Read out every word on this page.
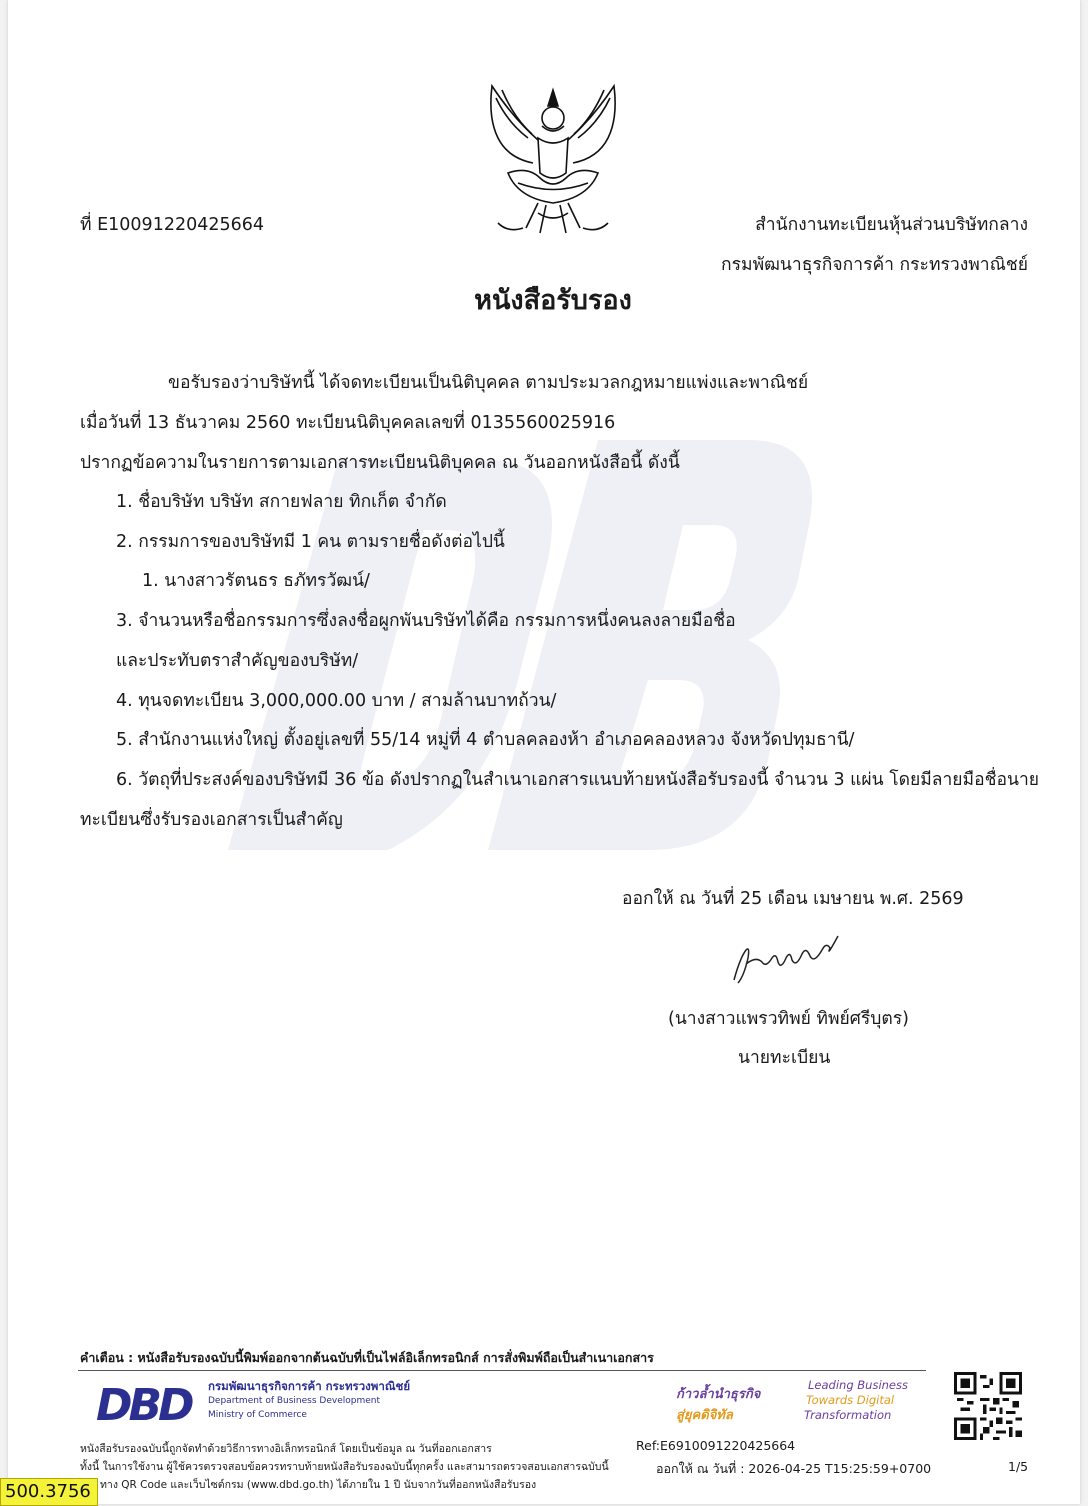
ที่ E10091220425664	สำนักงานทะเบียนหุ้นส่วนบริษัทกลาง
กรมพัฒนาธุรกิจการค้า กระทรวงพาณิชย์
หนังสือรับรอง
ขอรับรองว่าบริษัทนี้ ได้จดทะเบียนเป็นนิติบุคคล ตามประมวลกฎหมายแพ่งและพาณิชย์
เมื่อวันที่ 13 ธันวาคม 2560 ทะเบียนนิติบุคคลเลขที่ 0135560025916
ปรากฏข้อความในรายการตามเอกสารทะเบียนนิติบุคคล ณ วันออกหนังสือนี้ ดังนี้
1. ชื่อบริษัท บริษัท สกายฟลาย ทิกเก็ต จำกัด
2. กรรมการของบริษัทมี 1 คน ตามรายชื่อดังต่อไปนี้
1. นางสาวรัตนธร ธภัทรวัฒน์/
3. จำนวนหรือชื่อกรรมการซึ่งลงชื่อผูกพันบริษัทได้คือ กรรมการหนึ่งคนลงลายมือชื่อ
และประทับตราสำคัญของบริษัท/
4. ทุนจดทะเบียน 3,000,000.00 บาท / สามล้านบาทถ้วน/
5. สำนักงานแห่งใหญ่ ตั้งอยู่เลขที่ 55/14 หมู่ที่ 4 ตำบลคลองห้า อำเภอคลองหลวง จังหวัดปทุมธานี/
6. วัตถุที่ประสงค์ของบริษัทมี 36 ข้อ ดังปรากฏในสำเนาเอกสารแนบท้ายหนังสือรับรองนี้ จำนวน 3 แผ่น โดยมีลายมือชื่อนาย
ทะเบียนซึ่งรับรองเอกสารเป็นสำคัญ
ออกให้ ณ วันที่ 25 เดือน เมษายน พ.ศ. 2569
(นางสาวแพรวทิพย์ ทิพย์ศรีบุตร)
นายทะเบียน
คำเตือน : หนังสือรับรองฉบับนี้พิมพ์ออกจากต้นฉบับที่เป็นไฟล์อิเล็กทรอนิกส์ การสั่งพิมพ์ถือเป็นสำเนาเอกสาร
DBD กรมพัฒนาธุรกิจการค้า กระทรวงพาณิชย์
Department of Business Development
Ministry of Commerce
ก้าวล้ำนำธุรกิจ
สู่ยุคดิจิทัล
Leading Business
Towards Digital
Transformation
หนังสือรับรองฉบับนี้ถูกจัดทำด้วยวิธีการทางอิเล็กทรอนิกส์ โดยเป็นข้อมูล ณ วันที่ออกเอกสาร
ทั้งนี้ ในการใช้งาน ผู้ใช้ควรตรวจสอบข้อควรทราบท้ายหนังสือรับรองฉบับนี้ทุกครั้ง และสามารถตรวจสอบเอกสารฉบับนี้
ทาง QR Code และเว็บไซต์กรม (www.dbd.go.th) ได้ภายใน 1 ปี นับจากวันที่ออกหนังสือรับรอง
Ref:E6910091220425664
ออกให้ ณ วันที่ : 2026-04-25 T15:25:59+0700	1/5
500.3756
